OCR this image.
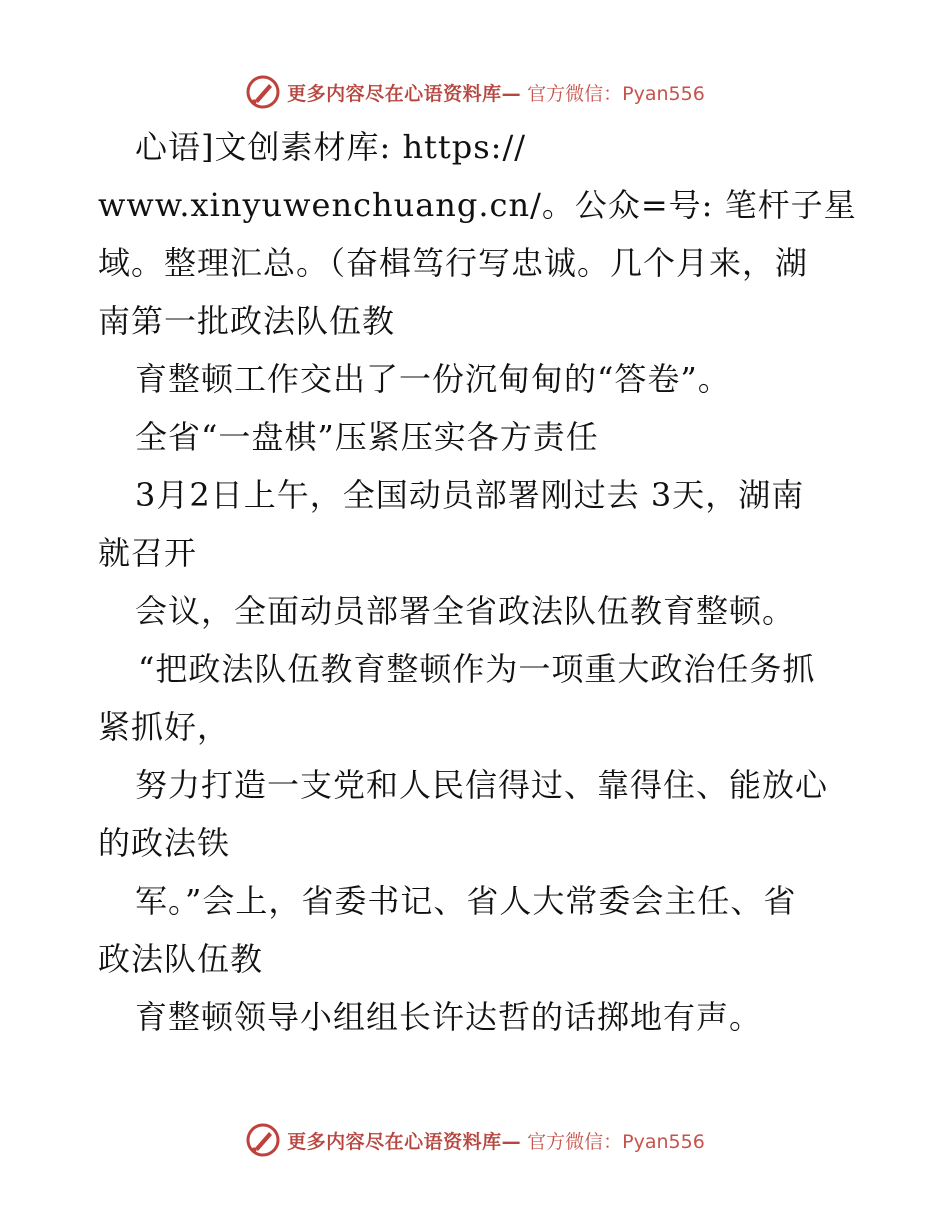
更多内容尽在心语资料库— 官方微信：Pyan556
心语]文创素材库: https://
www.xinyuwenchuang.cn/。公众=号: 笔杆子星
域。整理汇总。（奋楫笃行写忠诚。几个月来，湖
南第一批政法队伍教
育整顿工作交出了一份沉甸甸的“答卷”。
全省“一盘棋”压紧压实各方责任
3月2日上午，全国动员部署刚过去 3天，湖南
就召开
会议，全面动员部署全省政法队伍教育整顿。
“把政法队伍教育整顿作为一项重大政治任务抓
紧抓好，
努力打造一支党和人民信得过、靠得住、能放心
的政法铁
军。”会上，省委书记、省人大常委会主任、省
政法队伍教
育整顿领导小组组长许达哲的话掷地有声。
更多内容尽在心语资料库— 官方微信：Pyan556
